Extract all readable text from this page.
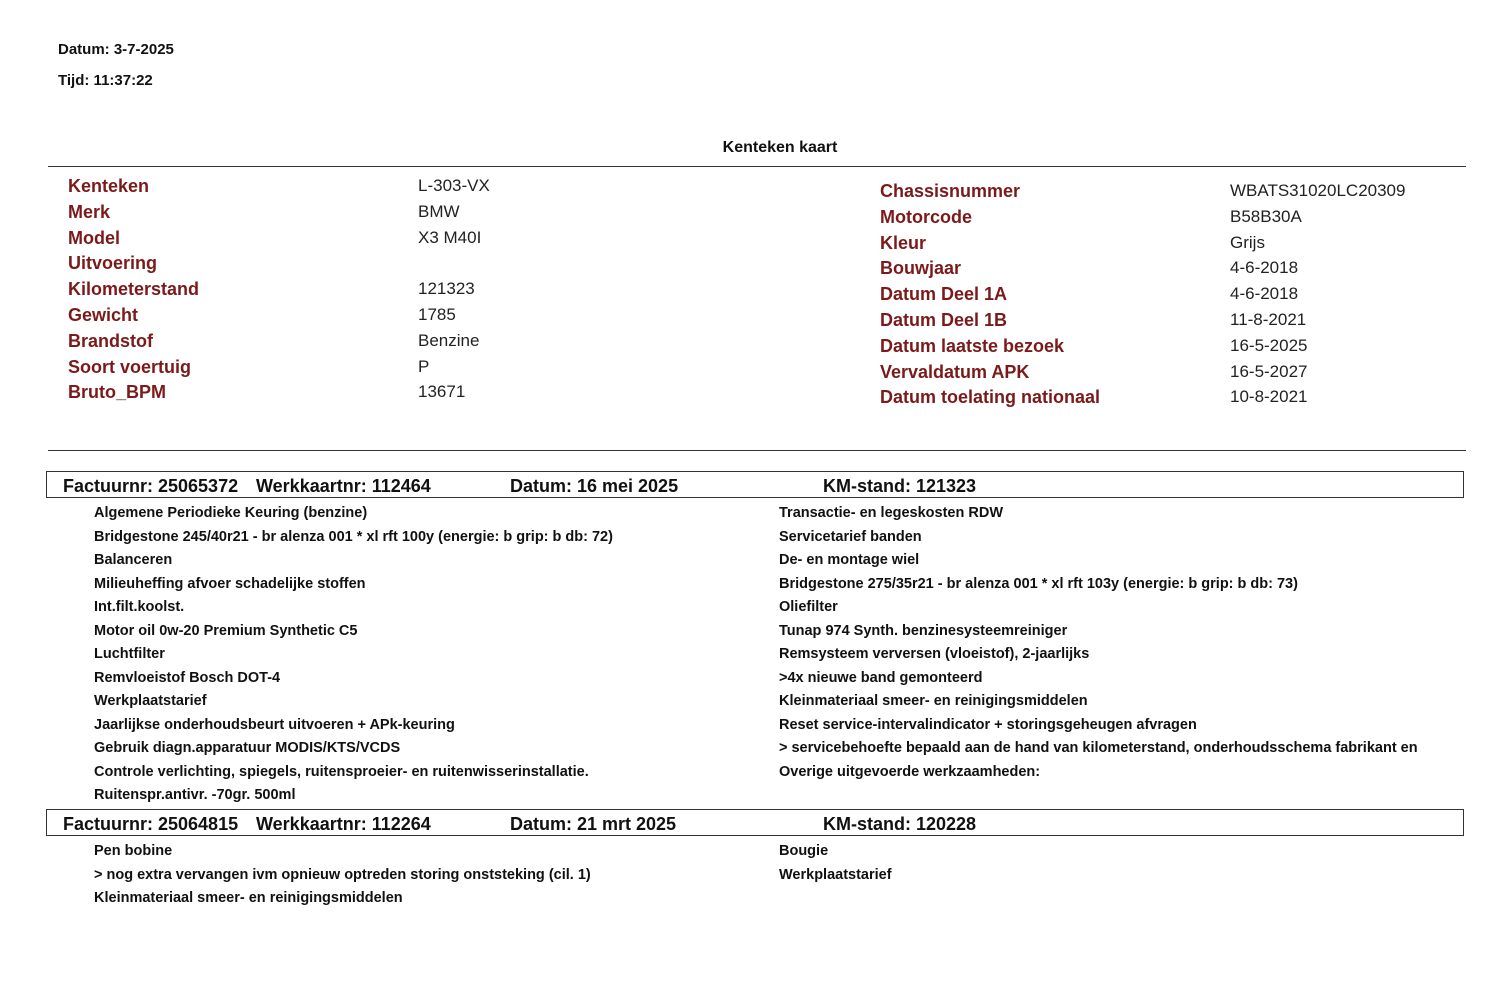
Datum: 3-7-2025
Tijd: 11:37:22
Kenteken kaart
Kenteken	L-303-VX
Merk	BMW
Model	X3 M40I
Uitvoering
Kilometerstand	121323
Gewicht	1785
Brandstof	Benzine
Soort voertuig	P
Bruto_BPM	13671
Chassisnummer	WBATS31020LC20309
Motorcode	B58B30A
Kleur	Grijs
Bouwjaar	4-6-2018
Datum Deel 1A	4-6-2018
Datum Deel 1B	11-8-2021
Datum laatste bezoek	16-5-2025
Vervaldatum APK	16-5-2027
Datum toelating nationaal	10-8-2021
Factuurnr: 25065372 Werkkaartnr: 112464	Datum: 16 mei 2025	KM-stand: 121323
Algemene Periodieke Keuring (benzine)
Bridgestone 245/40r21 - br alenza 001 * xl rft 100y (energie: b grip: b db: 72)
Balanceren
Milieuheffing afvoer schadelijke stoffen
Int.filt.koolst.
Motor oil 0w-20 Premium Synthetic C5
Luchtfilter
Remvloeistof Bosch DOT-4
Werkplaatstarief
Jaarlijkse onderhoudsbeurt uitvoeren + APk-keuring
Gebruik diagn.apparatuur MODIS/KTS/VCDS
Controle verlichting, spiegels, ruitensproeier- en ruitenwisserinstallatie.
Ruitenspr.antivr. -70gr. 500ml
Transactie- en legeskosten RDW
Servicetarief banden
De- en montage wiel
Bridgestone 275/35r21 - br alenza 001 * xl rft 103y (energie: b grip: b db: 73)
Oliefilter
Tunap 974 Synth. benzinesysteemreiniger
Remsysteem verversen (vloeistof), 2-jaarlijks
>4x nieuwe band gemonteerd
Kleinmateriaal smeer- en reinigingsmiddelen
Reset service-intervalindicator + storingsgeheugen afvragen
> servicebehoefte bepaald aan de hand van kilometerstand, onderhoudsschema fabrikant en
Overige uitgevoerde werkzaamheden:
Factuurnr: 25064815 Werkkaartnr: 112264	Datum: 21 mrt 2025	KM-stand: 120228
Pen bobine
> nog extra vervangen ivm opnieuw optreden storing onststeking (cil. 1)
Kleinmateriaal smeer- en reinigingsmiddelen
Bougie
Werkplaatstarief
